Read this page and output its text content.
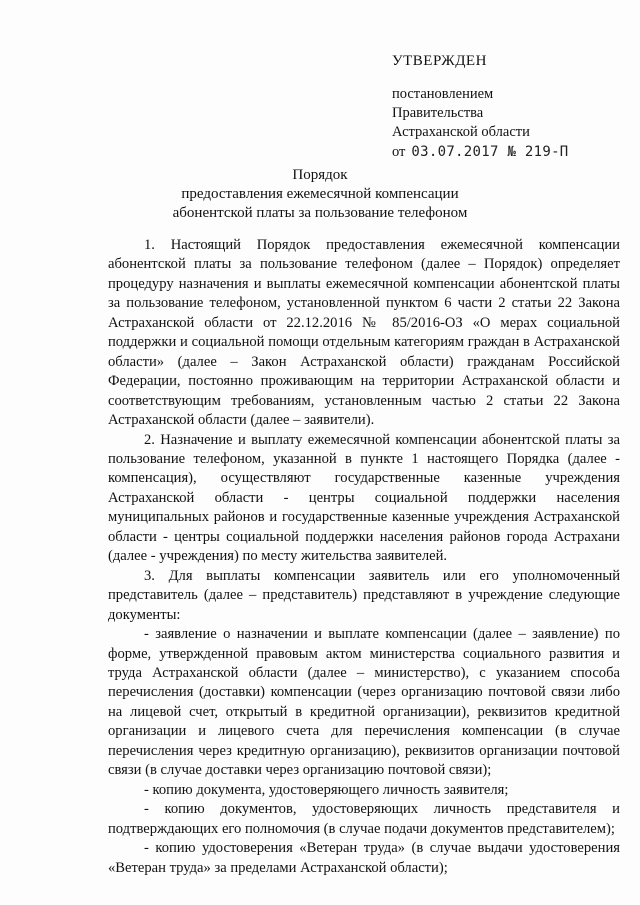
УТВЕРЖДЕН
постановлением
Правительства
Астраханской области
от 03.07.2017 № 219-П
Порядок
предоставления ежемесячной компенсации
абонентской платы за пользование телефоном

1. Настоящий Порядок предоставления ежемесячной компенсации абонентской платы за пользование телефоном (далее – Порядок) определяет процедуру назначения и выплаты ежемесячной компенсации абонентской платы за пользование телефоном, установленной пунктом 6 части 2 статьи 22 Закона Астраханской области от 22.12.2016 № 85/2016-ОЗ «О мерах социальной поддержки и социальной помощи отдельным категориям граждан в Астраханской области» (далее – Закон Астраханской области) гражданам Российской Федерации, постоянно проживающим на территории Астраханской области и соответствующим требованиям, установленным частью 2 статьи 22 Закона Астраханской области (далее – заявители).

2. Назначение и выплату ежемесячной компенсации абонентской платы за пользование телефоном, указанной в пункте 1 настоящего Порядка (далее - компенсация), осуществляют государственные казенные учреждения Астраханской области - центры социальной поддержки населения муниципальных районов и государственные казенные учреждения Астраханской области - центры социальной поддержки населения районов города Астрахани (далее - учреждения) по месту жительства заявителей.

3. Для выплаты компенсации заявитель или его уполномоченный представитель (далее – представитель) представляют в учреждение следующие документы:

- заявление о назначении и выплате компенсации (далее – заявление) по форме, утвержденной правовым актом министерства социального развития и труда Астраханской области (далее – министерство), с указанием способа перечисления (доставки) компенсации (через организацию почтовой связи либо на лицевой счет, открытый в кредитной организации), реквизитов кредитной организации и лицевого счета для перечисления компенсации (в случае перечисления через кредитную организацию), реквизитов организации почтовой связи (в случае доставки через организацию почтовой связи);

- копию документа, удостоверяющего личность заявителя;

- копию документов, удостоверяющих личность представителя и подтверждающих его полномочия (в случае подачи документов представителем);

- копию удостоверения «Ветеран труда» (в случае выдачи удостоверения «Ветеран труда» за пределами Астраханской области);
